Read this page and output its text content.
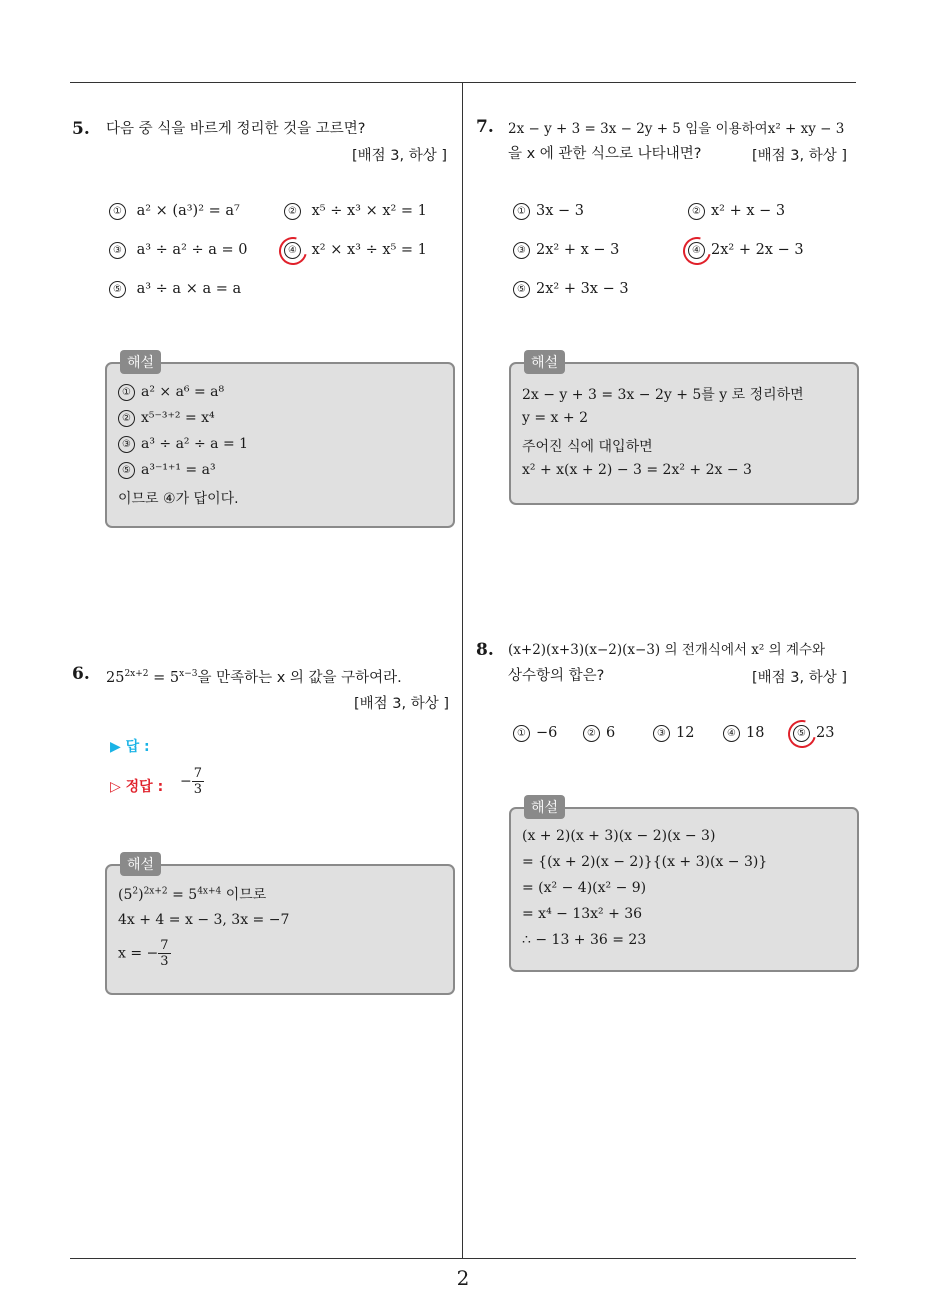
5. 다음 중 식을 바르게 정리한 것을 고르면?
[배점 3, 하상 ]
① a² × (a³)² = a⁷	② x⁵ ÷ x³ × x² = 1
③ a³ ÷ a² ÷ a = 0	④ x² × x³ ÷ x⁵ = 1
⑤ a³ ÷ a × a = a
해설
① a² × a⁶ = a⁸
② x⁵⁻³⁺² = x⁴
③ a³ ÷ a² ÷ a = 1
⑤ a³⁻¹⁺¹ = a³
이므로 ④가 답이다.
6. $25^{2x+2} = 5^{x-3}$을 만족하는 x 의 값을 구하여라.
[배점 3, 하상 ]
▶ 답 :
▷ 정답 : − $\frac{7}{3}$
해설
$(5^2)^{2x+2} = 5^{4x+4}$ 이므로
4x + 4 = x − 3, 3x = −7
x = − $\frac{7}{3}$
7. 2x − y + 3 = 3x − 2y + 5 임을 이용하여x² + xy − 3
을 x 에 관한 식으로 나타내면?	[배점 3, 하상 ]
① 3x − 3	② x² + x − 3
③ 2x² + x − 3	④ 2x² + 2x − 3
⑤ 2x² + 3x − 3
해설
2x − y + 3 = 3x − 2y + 5를 y 로 정리하면
y = x + 2
주어진 식에 대입하면
x² + x(x + 2) − 3 = 2x² + 2x − 3
8. (x+2)(x+3)(x−2)(x−3) 의 전개식에서 x² 의 계수와
상수항의 합은?	[배점 3, 하상 ]
① −6	② 6	③ 12	④ 18	⑤ 23
해설
(x + 2)(x + 3)(x − 2)(x − 3)
= {(x + 2)(x − 2)}{(x + 3)(x − 3)}
= (x² − 4)(x² − 9)
= x⁴ − 13x² + 36
∴ − 13 + 36 = 23
2
